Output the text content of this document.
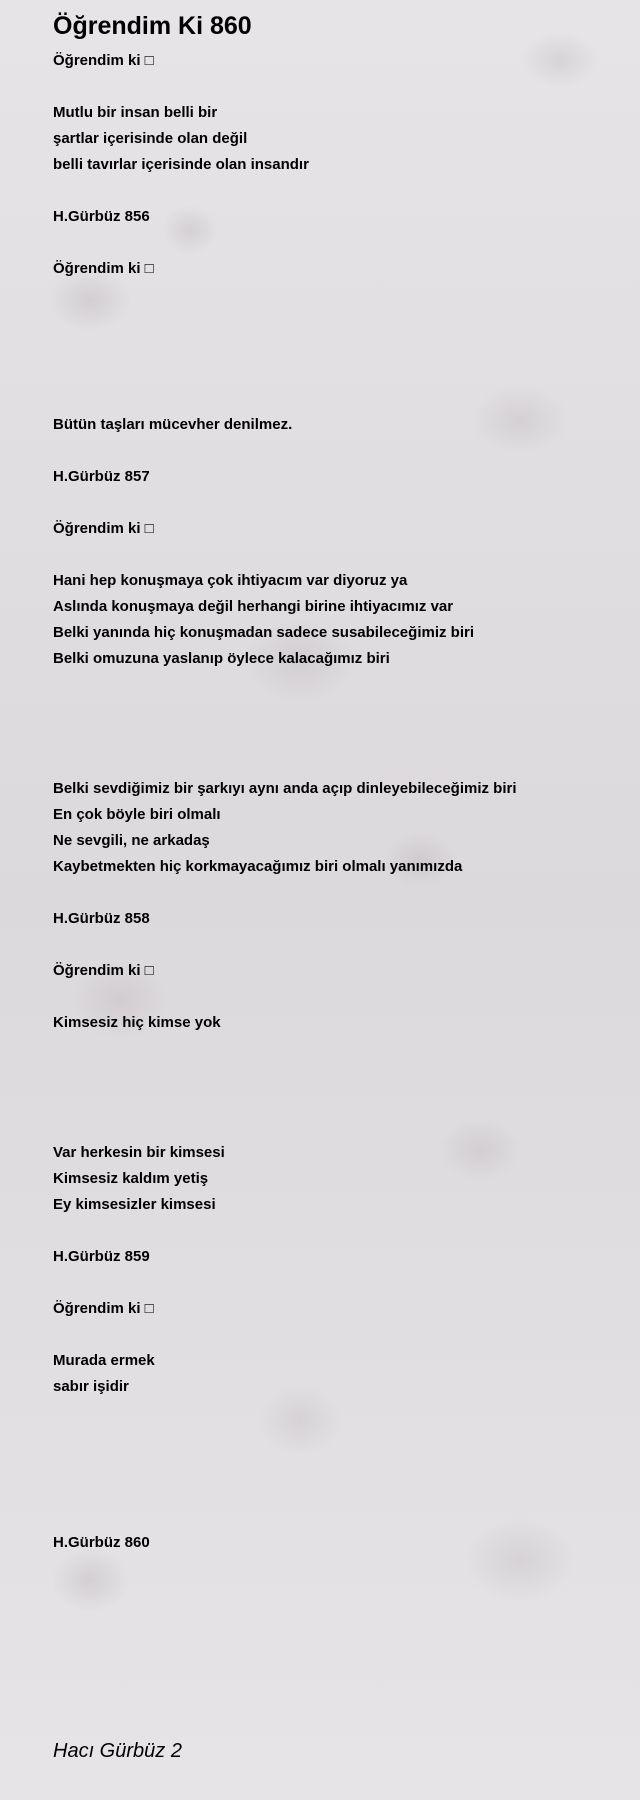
Öğrendim Ki 860
Öğrendim ki □
Mutlu bir insan belli bir
şartlar içerisinde olan değil
belli tavırlar içerisinde olan insandır
H.Gürbüz 856
Öğrendim ki □
Bütün taşları mücevher denilmez.
H.Gürbüz 857
Öğrendim ki □
Hani hep konuşmaya çok ihtiyacım var diyoruz ya
Aslında konuşmaya değil herhangi birine ihtiyacımız var
Belki yanında hiç konuşmadan sadece susabileceğimiz biri
Belki omuzuna yaslanıp öylece kalacağımız biri
Belki sevdiğimiz bir şarkıyı aynı anda açıp dinleyebileceğimiz biri
En çok böyle biri olmalı
Ne sevgili, ne arkadaş
Kaybetmekten hiç korkmayacağımız biri olmalı yanımızda
H.Gürbüz 858
Öğrendim ki □
Kimsesiz hiç kimse yok
Var herkesin bir kimsesi
Kimsesiz kaldım yetiş
Ey kimsesizler kimsesi
H.Gürbüz 859
Öğrendim ki □
Murada ermek
sabır işidir
H.Gürbüz 860
Hacı Gürbüz 2
